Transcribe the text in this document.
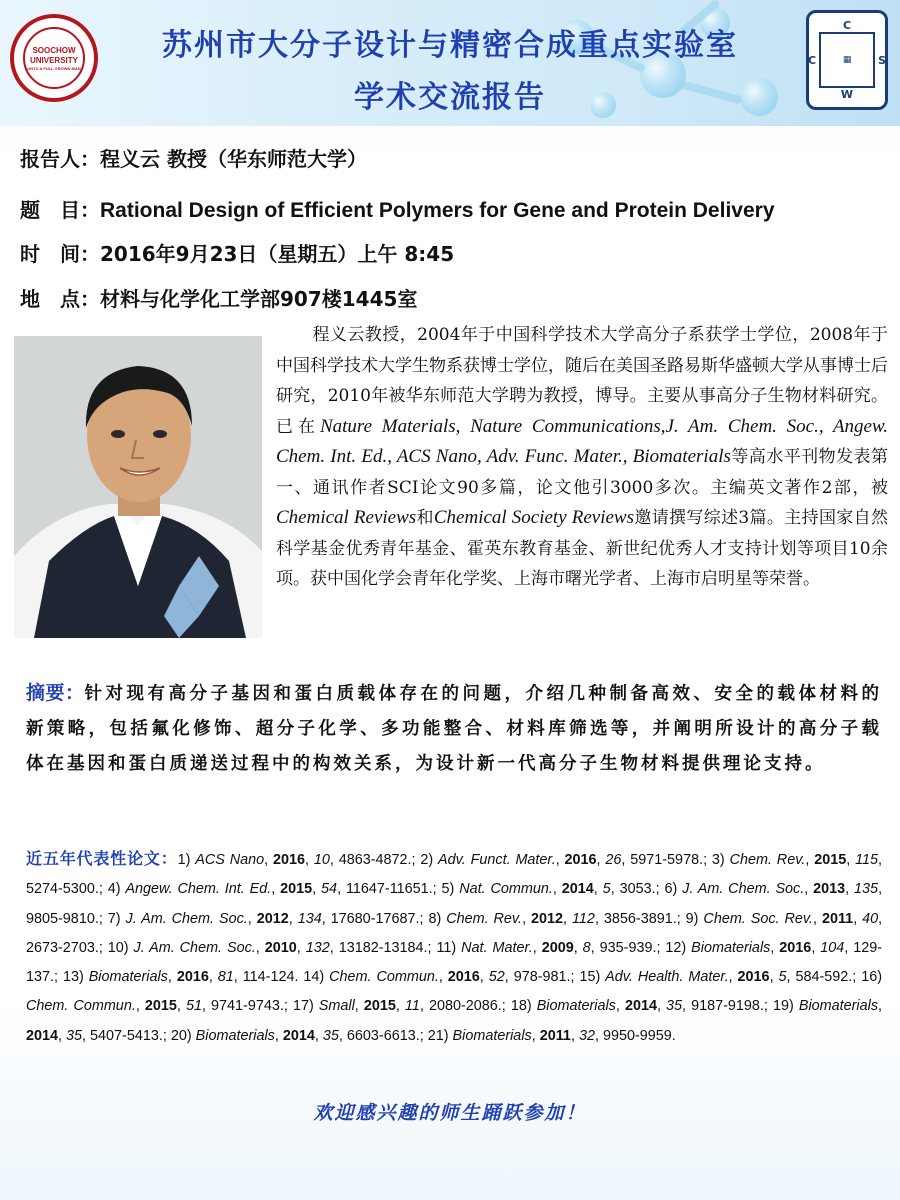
SOOCHOW
UNIVERSITY
UNTO A FULL GROWN MAN
苏州市大分子设计与精密合成重点实验室
学术交流报告
C
C	▦	S
W
报告人：程义云 教授（华东师范大学）
题　目：Rational Design of Efficient Polymers for Gene and Protein Delivery
时　间：2016年9月23日（星期五）上午 8:45
地　点：材料与化学化工学部907楼1445室
程义云教授，2004年于中国科学技术大学高分子系获学士学位，2008年于中国科学技术大学生物系获博士学位，随后在美国圣路易斯华盛顿大学从事博士后研究，2010年被华东师范大学聘为教授，博导。主要从事高分子生物材料研究。已在Nature Materials, Nature Communications,J. Am. Chem. Soc., Angew. Chem. Int. Ed., ACS Nano, Adv. Func. Mater., Biomaterials等高水平刊物发表第一、通讯作者SCI论文90多篇，论文他引3000多次。主编英文著作2部，被Chemical Reviews和Chemical Society Reviews邀请撰写综述3篇。主持国家自然科学基金优秀青年基金、霍英东教育基金、新世纪优秀人才支持计划等项目10余项。获中国化学会青年化学奖、上海市曙光学者、上海市启明星等荣誉。
摘要：针对现有高分子基因和蛋白质载体存在的问题，介绍几种制备高效、安全的载体材料的新策略，包括氟化修饰、超分子化学、多功能整合、材料库筛选等，并阐明所设计的高分子载体在基因和蛋白质递送过程中的构效关系，为设计新一代高分子生物材料提供理论支持。
近五年代表性论文：1) ACS Nano, 2016, 10, 4863-4872.; 2) Adv. Funct. Mater., 2016, 26, 5971-5978.; 3) Chem. Rev., 2015, 115, 5274-5300.; 4) Angew. Chem. Int. Ed., 2015, 54, 11647-11651.; 5) Nat. Commun., 2014, 5, 3053.; 6) J. Am. Chem. Soc., 2013, 135, 9805-9810.; 7) J. Am. Chem. Soc., 2012, 134, 17680-17687.; 8) Chem. Rev., 2012, 112, 3856-3891.; 9) Chem. Soc. Rev., 2011, 40, 2673-2703.; 10) J. Am. Chem. Soc., 2010, 132, 13182-13184.; 11) Nat. Mater., 2009, 8, 935-939.; 12) Biomaterials, 2016, 104, 129-137.; 13) Biomaterials, 2016, 81, 114-124. 14) Chem. Commun., 2016, 52, 978-981.; 15) Adv. Health. Mater., 2016, 5, 584-592.; 16) Chem. Commun., 2015, 51, 9741-9743.; 17) Small, 2015, 11, 2080-2086.; 18) Biomaterials, 2014, 35, 9187-9198.; 19) Biomaterials, 2014, 35, 5407-5413.; 20) Biomaterials, 2014, 35, 6603-6613.; 21) Biomaterials, 2011, 32, 9950-9959.
欢迎感兴趣的师生踊跃参加！
